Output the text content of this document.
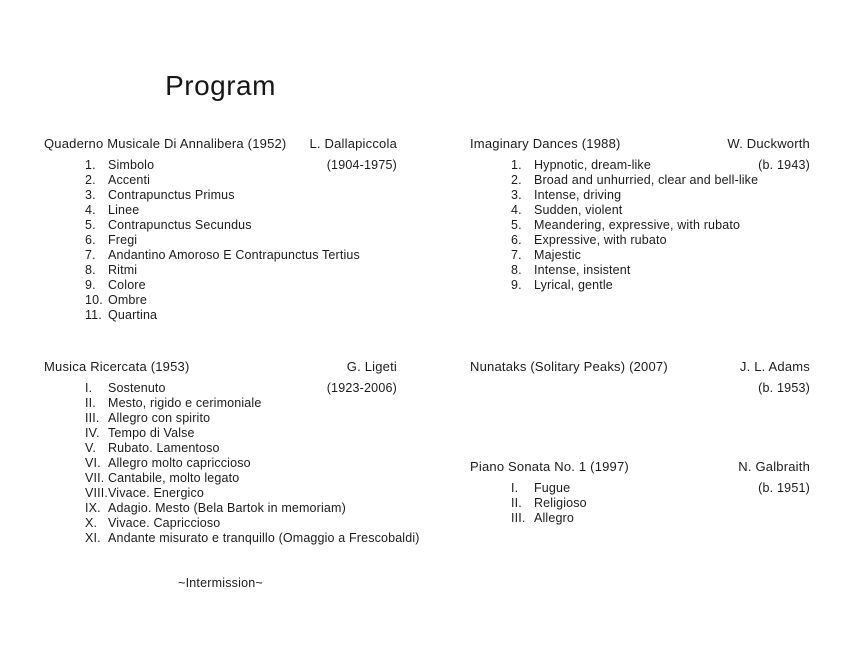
Program
Quaderno Musicale Di Annalibera (1952) L. Dallapiccola
(1904-1975)
1. Simbolo
2. Accenti
3. Contrapunctus Primus
4. Linee
5. Contrapunctus Secundus
6. Fregi
7. Andantino Amoroso E Contrapunctus Tertius
8. Ritmi
9. Colore
10. Ombre
11. Quartina
Imaginary Dances (1988)	W. Duckworth
(b. 1943)
1. Hypnotic, dream-like
2. Broad and unhurried, clear and bell-like
3. Intense, driving
4. Sudden, violent
5. Meandering, expressive, with rubato
6. Expressive, with rubato
7. Majestic
8. Intense, insistent
9. Lyrical, gentle
Musica Ricercata (1953)	G. Ligeti
(1923-2006)
I. Sostenuto
II. Mesto, rigido e cerimoniale
III. Allegro con spirito
IV. Tempo di Valse
V. Rubato. Lamentoso
VI. Allegro molto capriccioso
VII. Cantabile, molto legato
VIII.Vivace. Energico
IX. Adagio. Mesto (Bela Bartok in memoriam)
X. Vivace. Capriccioso
XI. Andante misurato e tranquillo (Omaggio a Frescobaldi)
Nunataks (Solitary Peaks) (2007)	J. L. Adams
(b. 1953)
Piano Sonata No. 1 (1997)	N. Galbraith
(b. 1951)
I. Fugue
II. Religioso
III. Allegro
~Intermission~
